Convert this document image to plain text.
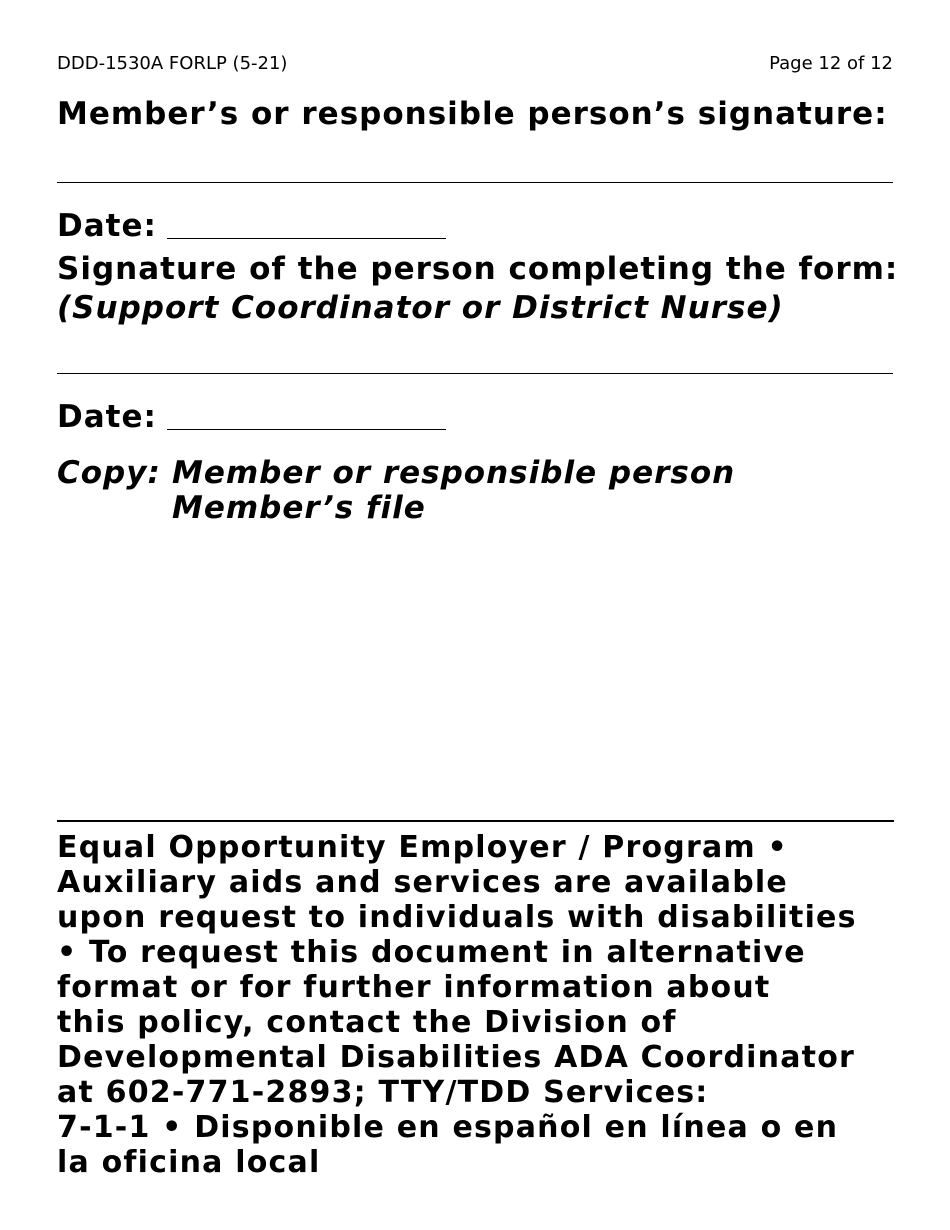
DDD-1530A FORLP (5-21)	Page 12 of 12
Member’s or responsible person’s signature:
Date:
Signature of the person completing the form:
(Support Coordinator or District Nurse)
Date:
Copy: Member or responsible person
Member’s file
Equal Opportunity Employer / Program •
Auxiliary aids and services are available
upon request to individuals with disabilities
• To request this document in alternative
format or for further information about
this policy, contact the Division of
Developmental Disabilities ADA Coordinator
at 602-771-2893; TTY/TDD Services:
7-1-1 • Disponible en español en línea o en
la oficina local
